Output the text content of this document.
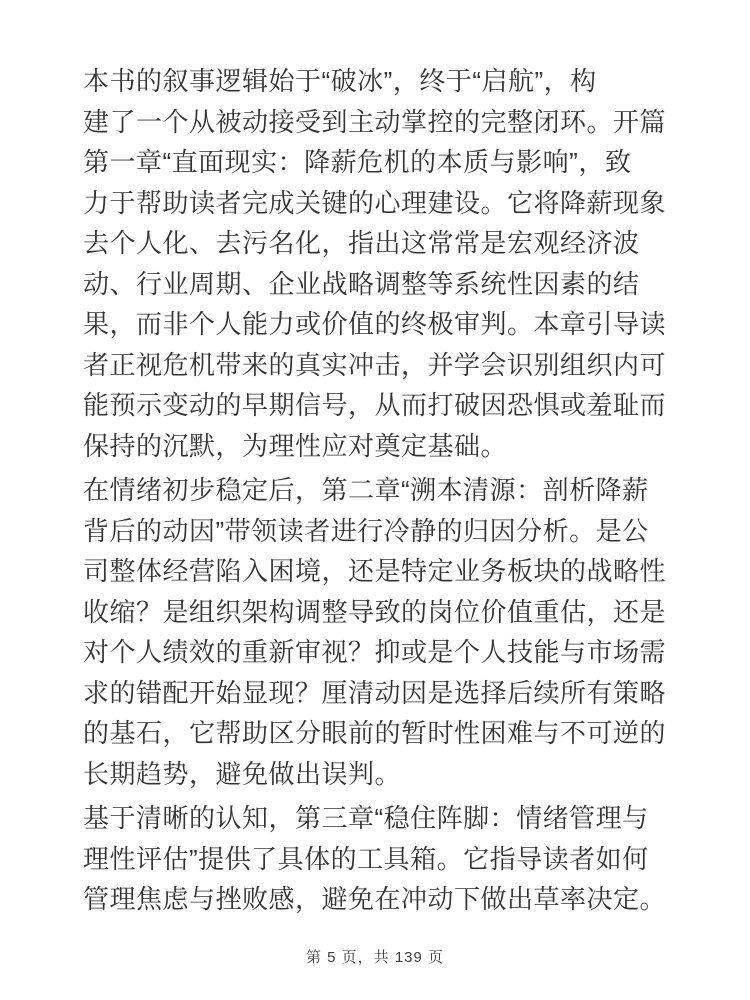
本书的叙事逻辑始于“破冰”，终于“启航”，构
建了一个从被动接受到主动掌控的完整闭环。开篇
第一章“直面现实：降薪危机的本质与影响”，致
力于帮助读者完成关键的心理建设。它将降薪现象
去个人化、去污名化，指出这常常是宏观经济波
动、行业周期、企业战略调整等系统性因素的结
果，而非个人能力或价值的终极审判。本章引导读
者正视危机带来的真实冲击，并学会识别组织内可
能预示变动的早期信号，从而打破因恐惧或羞耻而
保持的沉默，为理性应对奠定基础。
在情绪初步稳定后，第二章“溯本清源：剖析降薪
背后的动因”带领读者进行冷静的归因分析。是公
司整体经营陷入困境，还是特定业务板块的战略性
收缩？是组织架构调整导致的岗位价值重估，还是
对个人绩效的重新审视？抑或是个人技能与市场需
求的错配开始显现？厘清动因是选择后续所有策略
的基石，它帮助区分眼前的暂时性困难与不可逆的
长期趋势，避免做出误判。
基于清晰的认知，第三章“稳住阵脚：情绪管理与
理性评估”提供了具体的工具箱。它指导读者如何
管理焦虑与挫败感，避免在冲动下做出草率决定。
第 5 页，共 139 页
